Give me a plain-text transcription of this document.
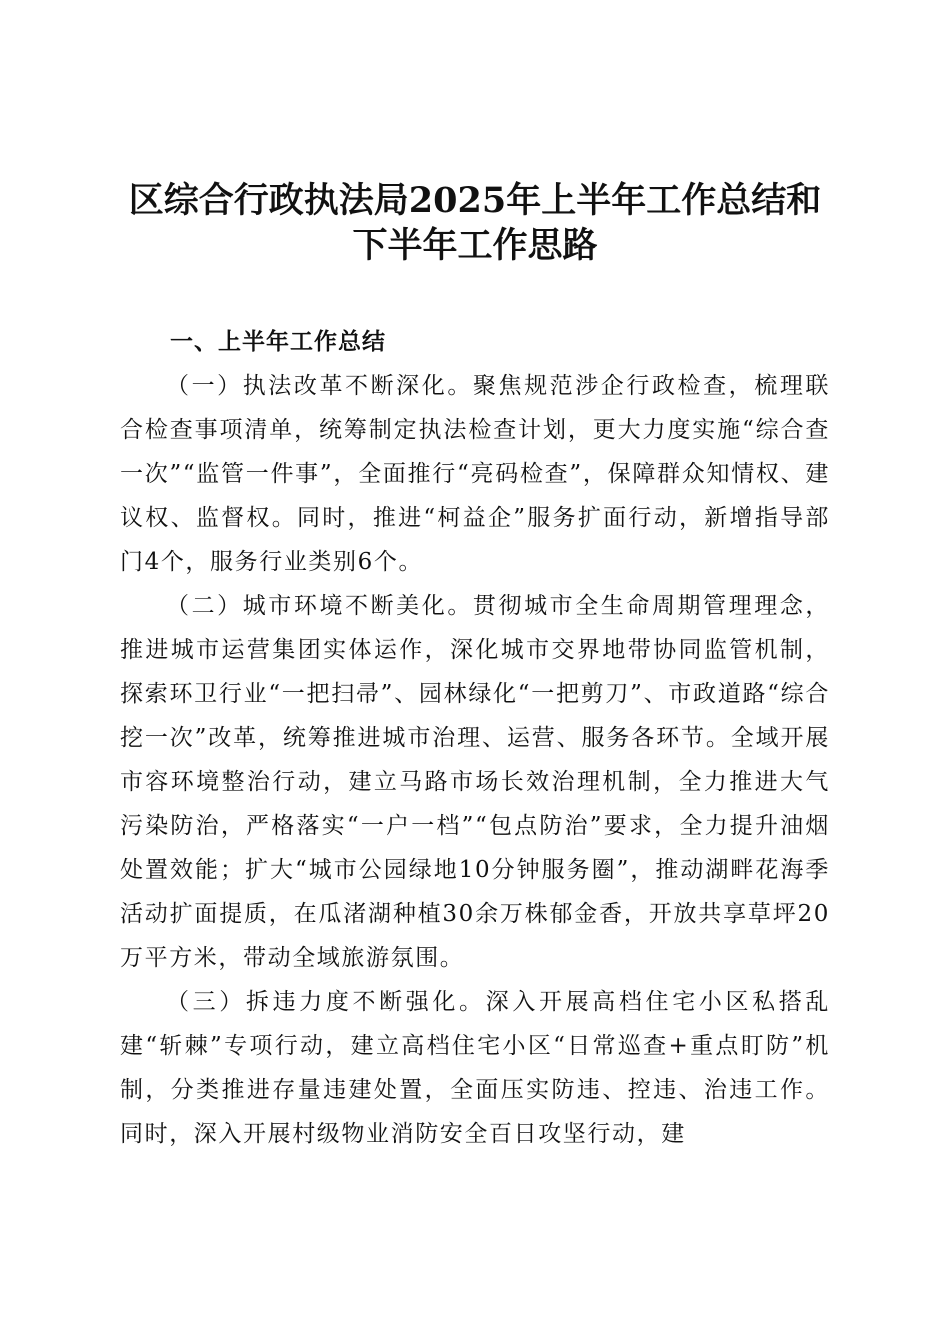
区综合行政执法局2025年上半年工作总结和
下半年工作思路

一、上半年工作总结

（一）执法改革不断深化。聚焦规范涉企行政检查，梳理联合检查事项清单，统筹制定执法检查计划，更大力度实施“综合查一次”“监管一件事”，全面推行“亮码检查”，保障群众知情权、建议权、监督权。同时，推进“柯益企”服务扩面行动，新增指导部门4个，服务行业类别6个。

（二）城市环境不断美化。贯彻城市全生命周期管理理念，推进城市运营集团实体运作，深化城市交界地带协同监管机制，探索环卫行业“一把扫帚”、园林绿化“一把剪刀”、市政道路“综合挖一次”改革，统筹推进城市治理、运营、服务各环节。全域开展市容环境整治行动，建立马路市场长效治理机制，全力推进大气污染防治，严格落实“一户一档”“包点防治”要求，全力提升油烟处置效能；扩大“城市公园绿地10分钟服务圈”，推动湖畔花海季活动扩面提质，在瓜渚湖种植30余万株郁金香，开放共享草坪20万平方米，带动全域旅游氛围。

（三）拆违力度不断强化。深入开展高档住宅小区私搭乱建“斩棘”专项行动，建立高档住宅小区“日常巡查+重点盯防”机制，分类推进存量违建处置，全面压实防违、控违、治违工作。同时，深入开展村级物业消防安全百日攻坚行动，建
